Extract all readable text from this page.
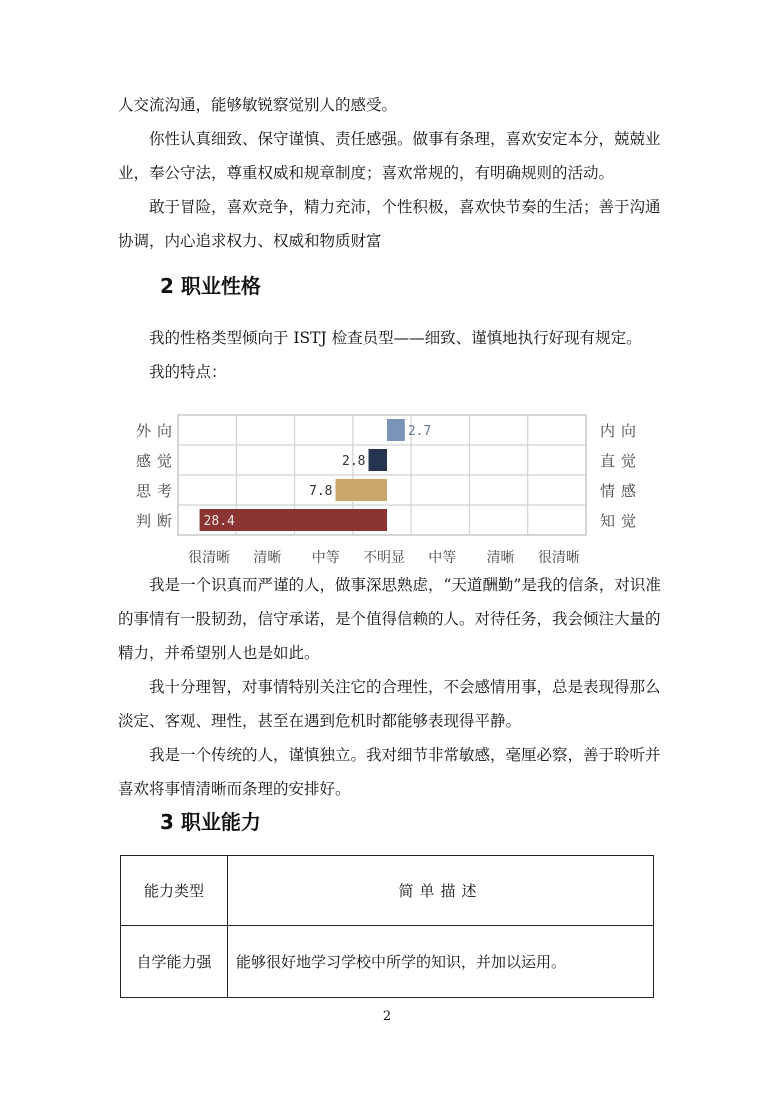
人交流沟通，能够敏锐察觉别人的感受。

你性认真细致、保守谨慎、责任感强。做事有条理，喜欢安定本分，兢兢业业，奉公守法，尊重权威和规章制度；喜欢常规的，有明确规则的活动。

敢于冒险，喜欢竞争，精力充沛，个性积极，喜欢快节奏的生活；善于沟通协调，内心追求权力、权威和物质财富

2 职业性格

我的性格类型倾向于 ISTJ 检查员型——细致、谨慎地执行好现有规定。

我的特点：

2.7
外向	内向
2.8
感觉	直觉
7.8
思考	情感
28.4
判断	知觉
很清晰 清晰 中等 不明显 中等 清晰 很清晰

我是一个识真而严谨的人，做事深思熟虑，“天道酬勤”是我的信条，对识准的事情有一股韧劲，信守承诺，是个值得信赖的人。对待任务，我会倾注大量的精力，并希望别人也是如此。

我十分理智，对事情特别关注它的合理性，不会感情用事，总是表现得那么淡定、客观、理性，甚至在遇到危机时都能够表现得平静。

我是一个传统的人，谨慎独立。我对细节非常敏感，毫厘必察，善于聆听并喜欢将事情清晰而条理的安排好。

3 职业能力
能力类型	简单描述
自学能力强	能够很好地学习学校中所学的知识，并加以运用。
2
